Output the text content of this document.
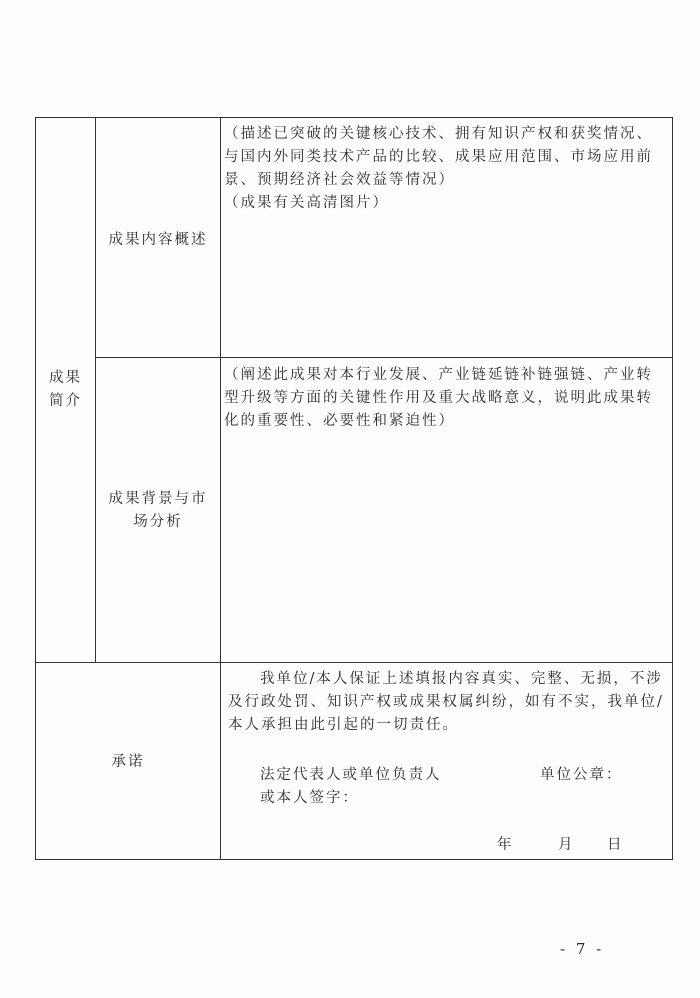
成果
简介
成果内容概述

（描述已突破的关键核心技术、拥有知识产权和获奖情况、

与国内外同类技术产品的比较、成果应用范围、市场应用前

景、预期经济社会效益等情况）

（成果有关高清图片）

成果背景与市
场分析

（阐述此成果对本行业发展、产业链延链补链强链、产业转

型升级等方面的关键性作用及重大战略意义，说明此成果转

化的重要性、必要性和紧迫性）

承诺

我单位/本人保证上述填报内容真实、完整、无损，不涉

及行政处罚、知识产权或成果权属纠纷，如有不实，我单位/

本人承担由此引起的一切责任。

法定代表人或单位负责人
或本人签字：
单位公章：
年	月 日
- 7 -
